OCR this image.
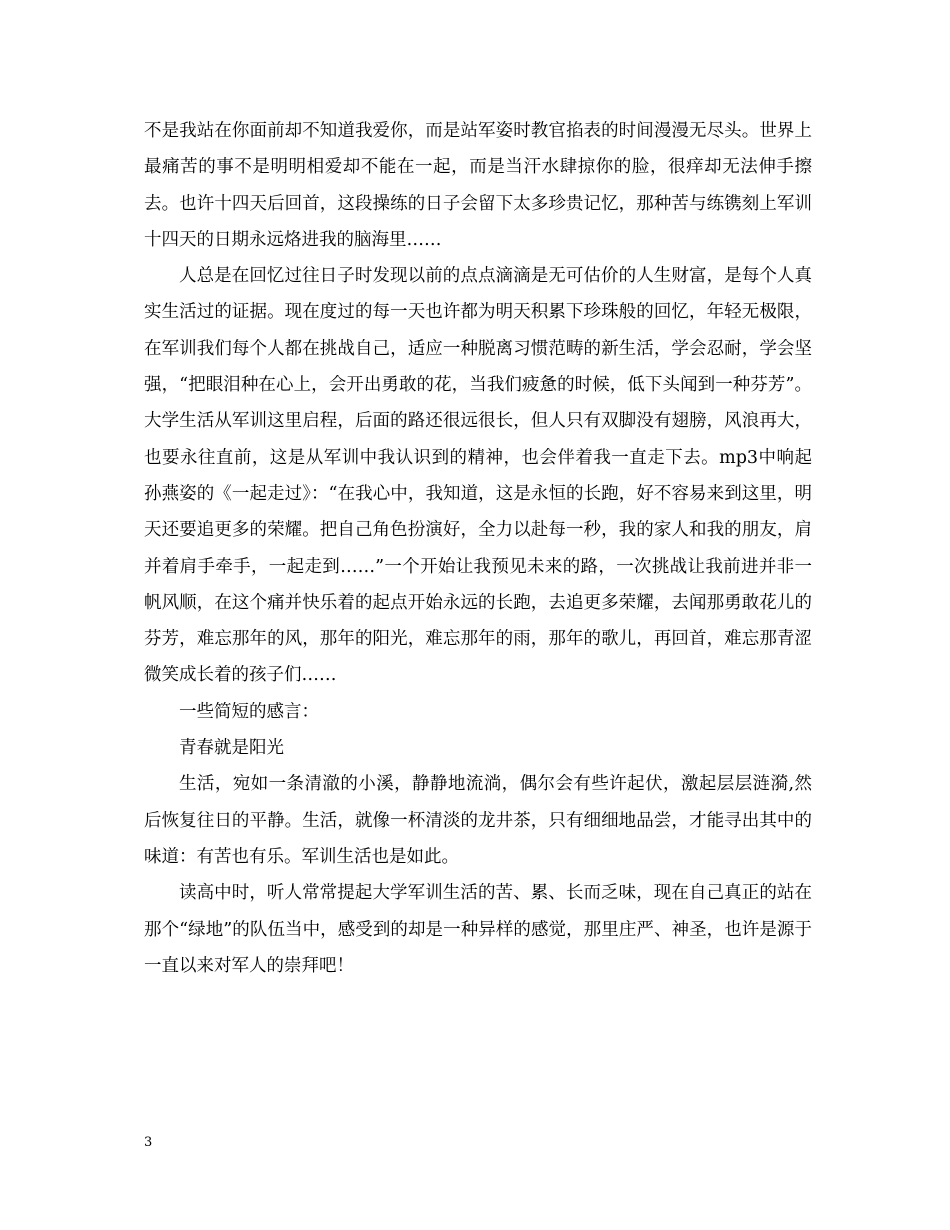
不是我站在你面前却不知道我爱你，而是站军姿时教官掐表的时间漫漫无尽头。世界上最痛苦的事不是明明相爱却不能在一起，而是当汗水肆掠你的脸，很痒却无法伸手擦去。也许十四天后回首，这段操练的日子会留下太多珍贵记忆，那种苦与练镌刻上军训十四天的日期永远烙进我的脑海里……

人总是在回忆过往日子时发现以前的点点滴滴是无可估价的人生财富，是每个人真实生活过的证据。现在度过的每一天也许都为明天积累下珍珠般的回忆，年轻无极限，在军训我们每个人都在挑战自己，适应一种脱离习惯范畴的新生活，学会忍耐，学会坚强，“把眼泪种在心上，会开出勇敢的花，当我们疲惫的时候，低下头闻到一种芬芳”。大学生活从军训这里启程，后面的路还很远很长，但人只有双脚没有翅膀，风浪再大，也要永往直前，这是从军训中我认识到的精神，也会伴着我一直走下去。mp3中响起孙燕姿的《一起走过》：“在我心中，我知道，这是永恒的长跑，好不容易来到这里，明天还要追更多的荣耀。把自己角色扮演好，全力以赴每一秒，我的家人和我的朋友，肩并着肩手牵手，一起走到……”一个开始让我预见未来的路，一次挑战让我前进并非一帆风顺，在这个痛并快乐着的起点开始永远的长跑，去追更多荣耀，去闻那勇敢花儿的芬芳，难忘那年的风，那年的阳光，难忘那年的雨，那年的歌儿，再回首，难忘那青涩微笑成长着的孩子们……

一些简短的感言：

青春就是阳光

生活，宛如一条清澈的小溪，静静地流淌，偶尔会有些许起伏，激起层层涟漪,然后恢复往日的平静。生活，就像一杯清淡的龙井茶，只有细细地品尝，才能寻出其中的味道：有苦也有乐。军训生活也是如此。

读高中时，听人常常提起大学军训生活的苦、累、长而乏味，现在自己真正的站在那个“绿地”的队伍当中，感受到的却是一种异样的感觉，那里庄严、神圣，也许是源于一直以来对军人的崇拜吧！

3
